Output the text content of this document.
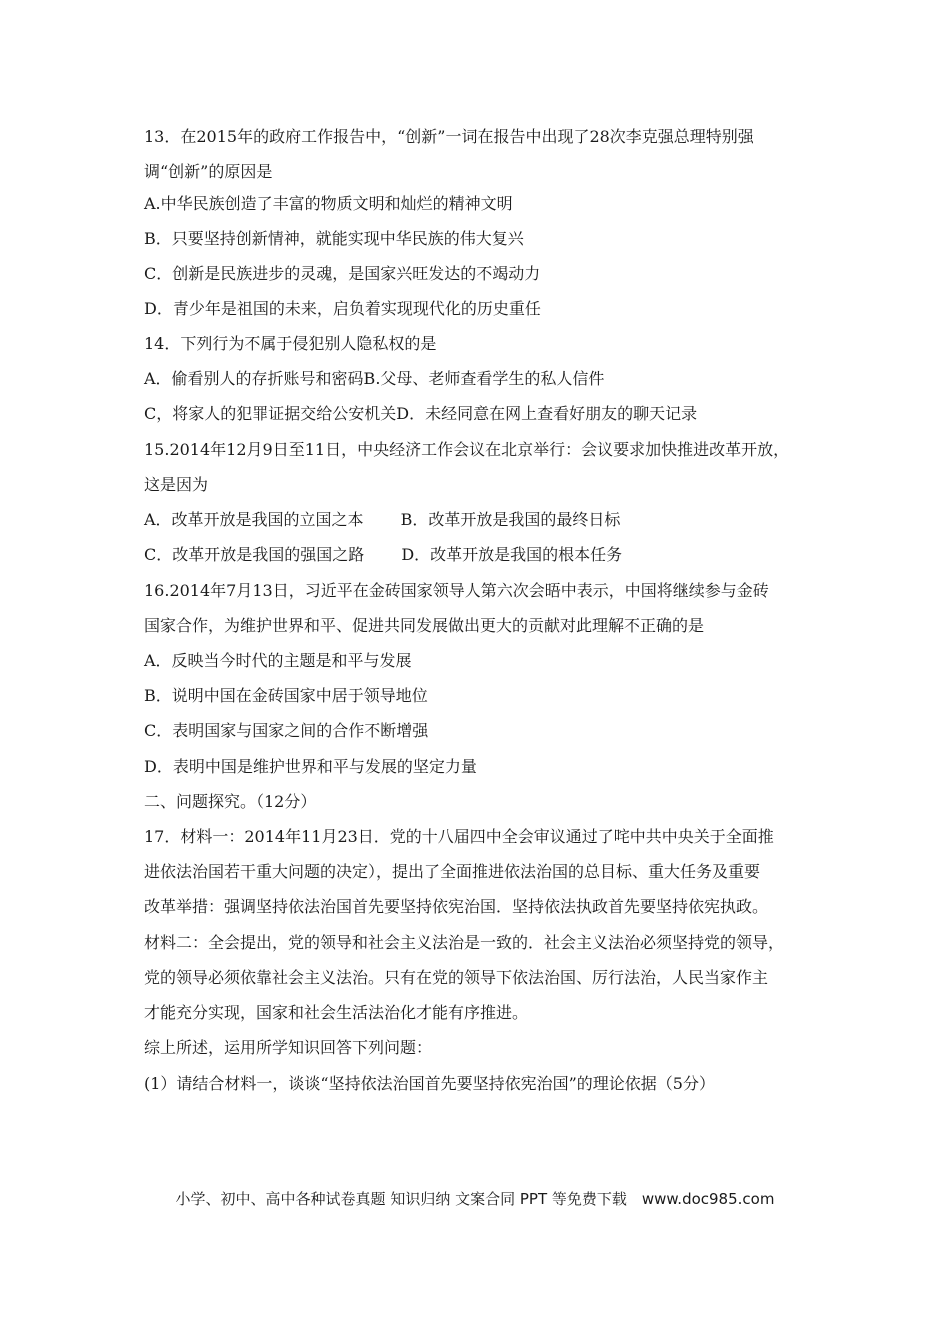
13．在2015年的政府工作报告中，“创新”一词在报告中出现了28次李克强总理特别强
调“创新”的原因是
A.中华民族创造了丰富的物质文明和灿烂的精神文明
B．只要坚持创新情神，就能实现中华民族的伟大复兴
C．创新是民族进步的灵魂，是国家兴旺发达的不竭动力
D．青少年是祖国的未来，启负着实现现代化的历史重任
14．下列行为不属于侵犯别人隐私权的是
A．偷看别人的存折账号和密码B.父母、老师查看学生的私人信件
C，将家人的犯罪证据交给公安机关D．未经同意在网上查看好朋友的聊天记录
15.2014年12月9日至11日，中央经济工作会议在北京举行：会议要求加快推进改革开放，
这是因为
A．改革开放是我国的立国之本　　 B．改革开放是我国的最终日标
C．改革开放是我国的强国之路　　 D．改革开放是我国的根本任务
16.2014年7月13日，习近平在金砖国家领导人第六次会晤中表示，中国将继续参与金砖
国家合作，为维护世界和平、促进共同发展做出更大的贡献对此理解不正确的是
A．反映当今时代的主题是和平与发展
B．说明中国在金砖国家中居于领导地位
C．表明国家与国家之间的合作不断增强
D．表明中国是维护世界和平与发展的坚定力量
二、问题探究。（12分）
17．材料一：2014年11月23日．党的十八届四中全会审议通过了咤中共中央关于全面推
进依法治国若干重大问题的决定），提出了全面推进依法治国的总目标、重大任务及重要
改革举措：强调坚持依法治国首先要坚持依宪治国．坚持依法执政首先要坚持依宪执政。
材料二：全会提出，党的领导和社会主义法治是一致的．社会主义法治必须坚持党的领导，
党的领导必须依靠社会主义法治。只有在党的领导下依法治国、厉行法治，人民当家作主
才能充分实现，国家和社会生活法治化才能有序推进。
综上所述，运用所学知识回答下列问题：
(1）请结合材料一，谈谈“坚持依法治国首先要坚持依宪治国”的理论依据（5分）
小学、初中、高中各种试卷真题 知识归纳 文案合同 PPT 等免费下载　www.doc985.com
